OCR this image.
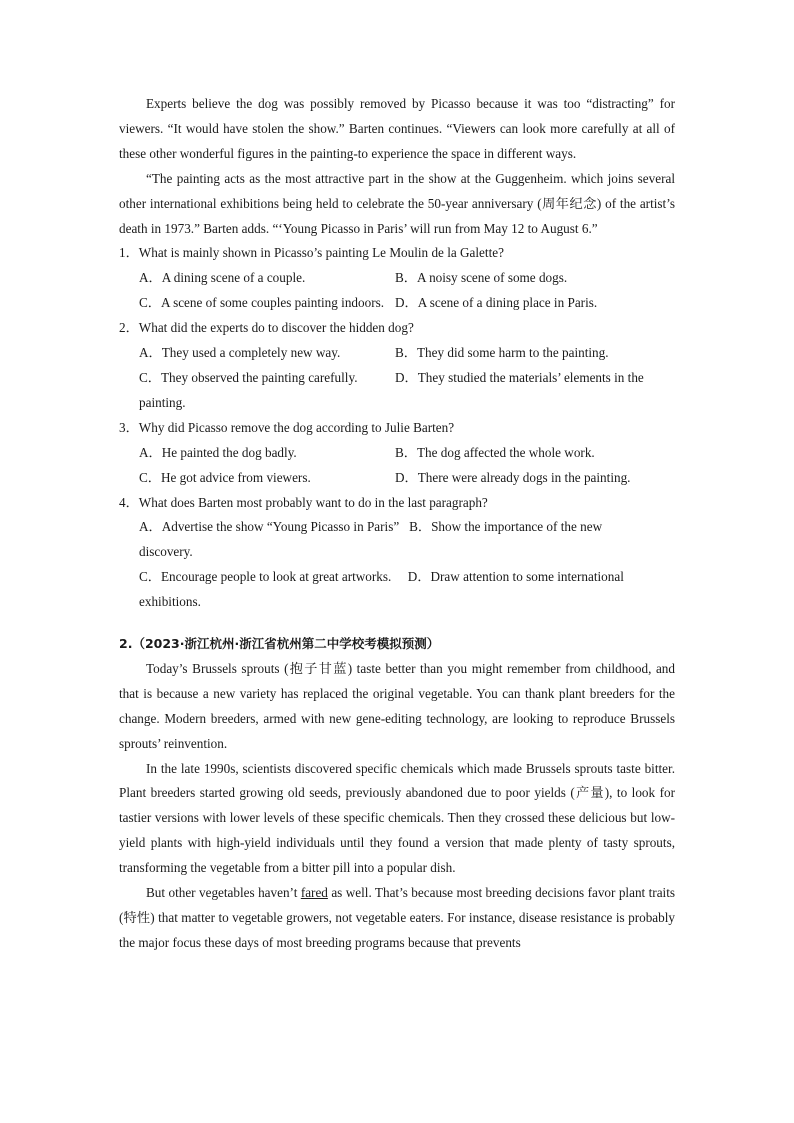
Experts believe the dog was possibly removed by Picasso because it was too “distracting” for viewers. “It would have stolen the show.” Barten continues. “Viewers can look more carefully at all of these other wonderful figures in the painting-to experience the space in different ways.

“The painting acts as the most attractive part in the show at the Guggenheim. which joins several other international exhibitions being held to celebrate the 50-year anniversary (周年纪念) of the artist’s death in 1973.” Barten adds. “‘Young Picasso in Paris’ will run from May 12 to August 6.”

1．What is mainly shown in Picasso’s painting Le Moulin de la Galette?

A．A dining scene of a couple.	B．A noisy scene of some dogs.
C．A scene of some couples painting indoors. D．A scene of a dining place in Paris.

2．What did the experts do to discover the hidden dog?

A．They used a completely new way.	B．They did some harm to the painting.
C．They observed the painting carefully.	D．They studied the materials’ elements in the

painting.

3．Why did Picasso remove the dog according to Julie Barten?

A．He painted the dog badly.	B．The dog affected the whole work.
C．He got advice from viewers.	D．There were already dogs in the painting.

4．What does Barten most probably want to do in the last paragraph?

A．Advertise the show “Young Picasso in Paris”   B．Show the importance of the new

discovery.

C．Encourage people to look at great artworks.     D．Draw attention to some international

exhibitions.

2.（2023·浙江杭州·浙江省杭州第二中学校考模拟预测）

Today’s Brussels sprouts (抱子甘蓝) taste better than you might remember from childhood, and that is because a new variety has replaced the original vegetable. You can thank plant breeders for the change. Modern breeders, armed with new gene-editing technology, are looking to reproduce Brussels sprouts’ reinvention.

In the late 1990s, scientists discovered specific chemicals which made Brussels sprouts taste bitter. Plant breeders started growing old seeds, previously abandoned due to poor yields (产量), to look for tastier versions with lower levels of these specific chemicals. Then they crossed these delicious but low-yield plants with high-yield individuals until they found a version that made plenty of tasty sprouts, transforming the vegetable from a bitter pill into a popular dish.

But other vegetables haven’t fared as well. That’s because most breeding decisions favor plant traits (特性) that matter to vegetable growers, not vegetable eaters. For instance, disease resistance is probably the major focus these days of most breeding programs because that prevents
